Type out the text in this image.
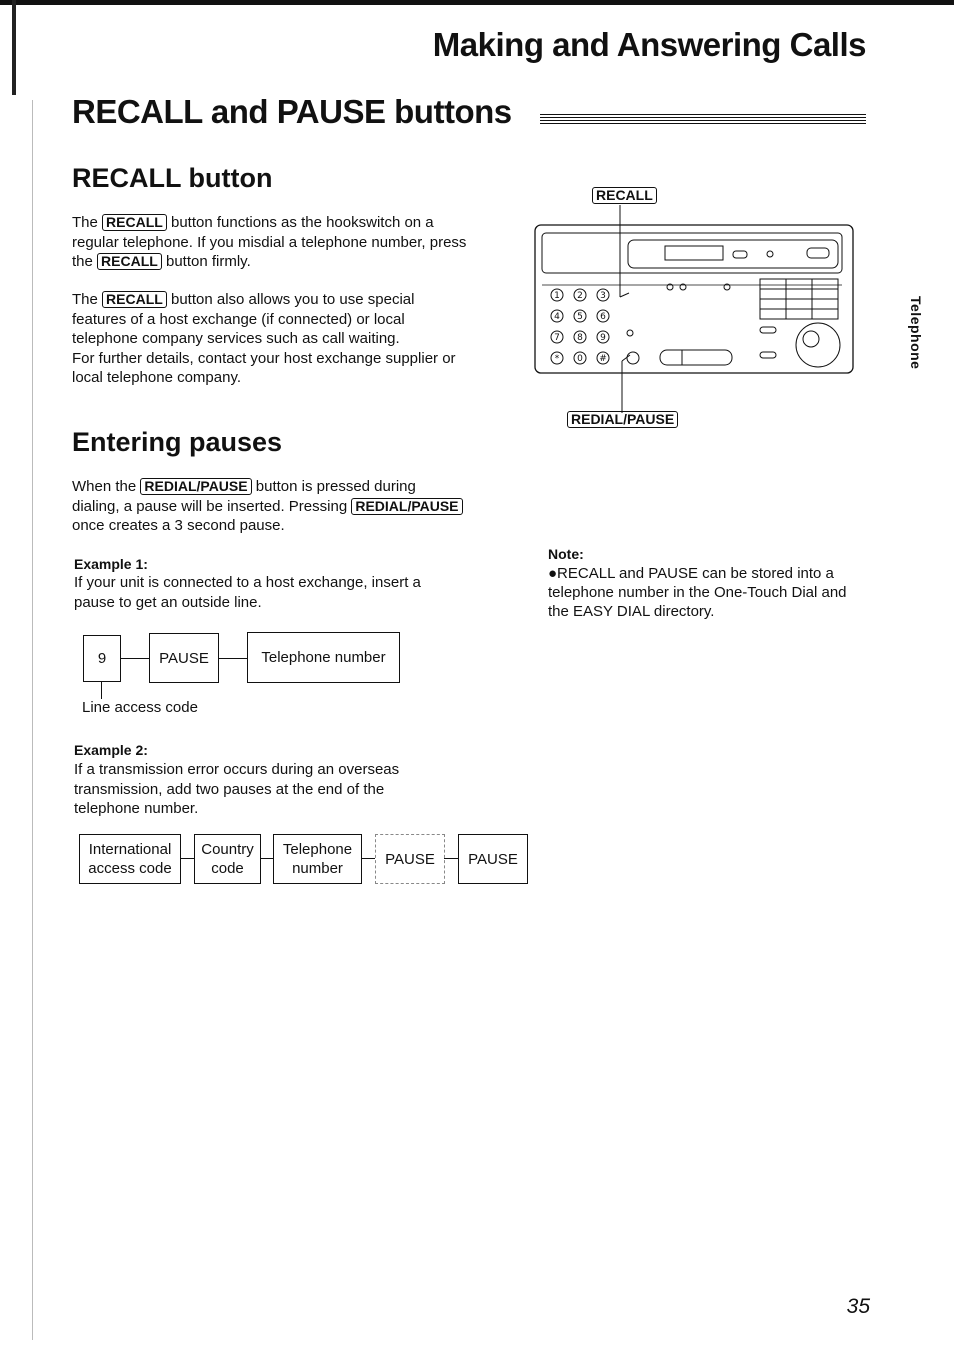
Making and Answering Calls
RECALL and PAUSE buttons
RECALL button

The RECALL button functions as the hookswitch on a regular telephone. If you misdial a telephone number, press the RECALL button firmly.

The RECALL button also allows you to use special features of a host exchange (if connected) or local telephone company services such as call waiting.

For further details, contact your host exchange supplier or local telephone company.

RECALL
REDIAL/PAUSE
1 2 3
4 5 6
7 8 9
* 0 #	Telephone
Entering pauses

When the REDIAL/PAUSE button is pressed during dialing, a pause will be inserted. Pressing REDIAL/PAUSE once creates a 3 second pause.

Example 1:
If your unit is connected to a host exchange, insert a pause to get an outside line.
9	PAUSE	Telephone number
Line access code
Example 2:
If a transmission error occurs during an overseas transmission, add two pauses at the end of the telephone number.
International
access code
Country
code
Telephone
number
PAUSE PAUSE
Note:
●RECALL and PAUSE can be stored into a telephone number in the One-Touch Dial and the EASY DIAL directory.
35
